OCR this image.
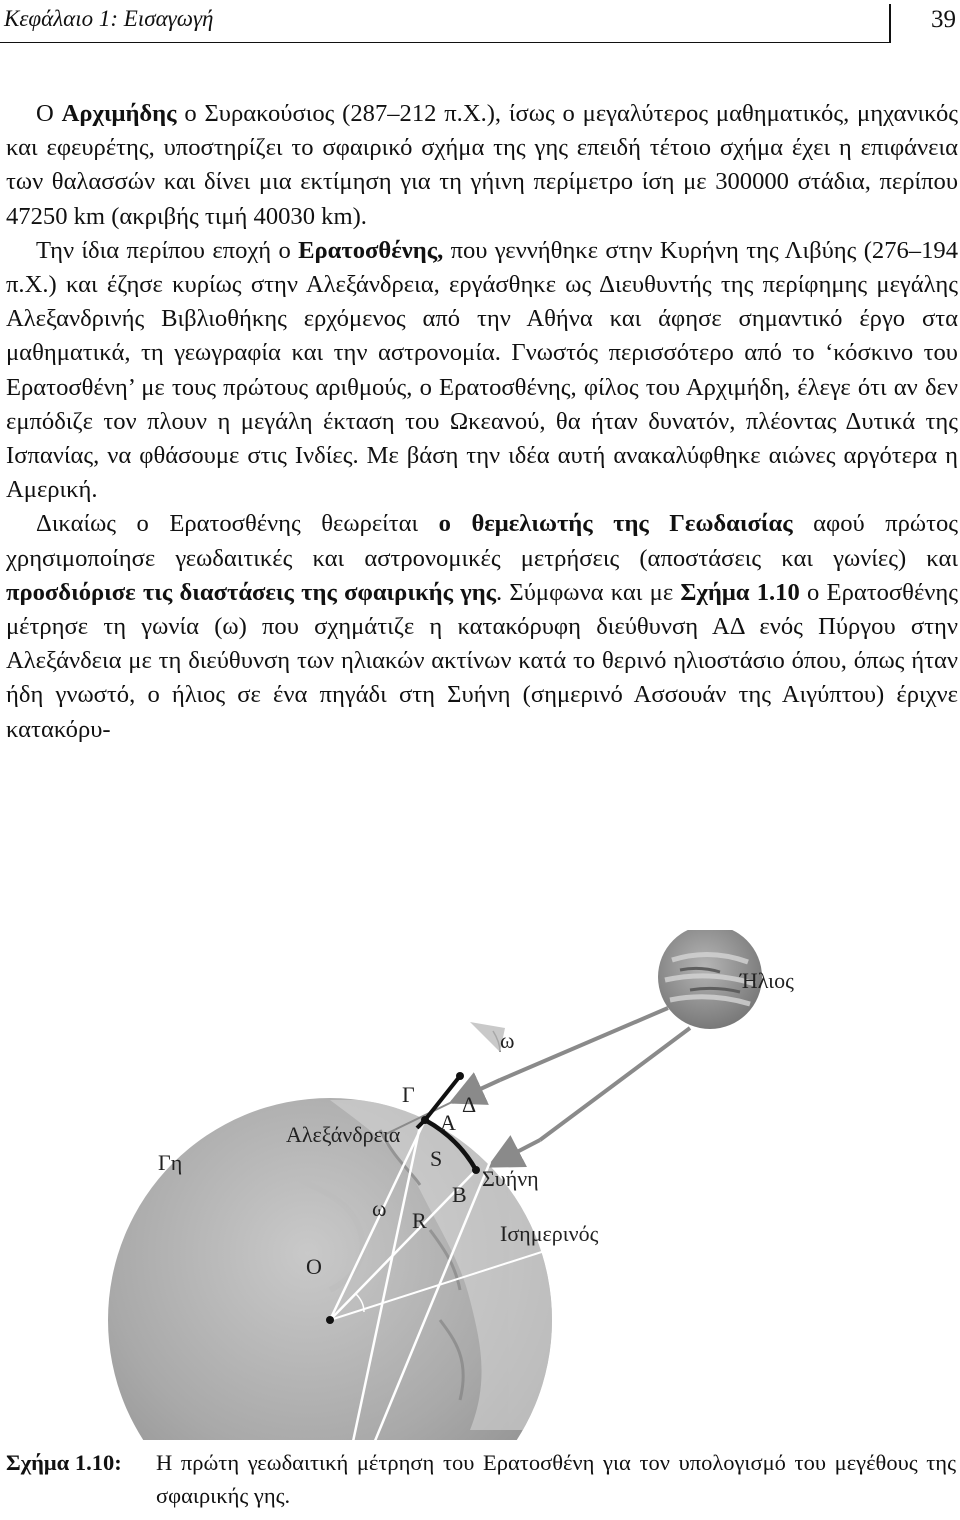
Κεφάλαιο 1: Εισαγωγή	39

Ο Αρχιμήδης ο Συρακούσιος (287–212 π.Χ.), ίσως ο μεγαλύτερος μαθηματικός, μηχανικός και εφευρέτης, υποστηρίζει το σφαιρικό σχήμα της γης επειδή τέτοιο σχήμα έχει η επιφάνεια των θαλασσών και δίνει μια εκτίμηση για τη γήινη περίμετρο ίση με 300000 στάδια, περίπου 47250 km (ακριβής τιμή 40030 km).

Την ίδια περίπου εποχή ο Ερατοσθένης, που γεννήθηκε στην Κυρήνη της Λιβύης (276–194 π.Χ.) και έζησε κυρίως στην Αλεξάνδρεια, εργάσθηκε ως Διευθυντής της περίφημης μεγάλης Αλεξανδρινής Βιβλιοθήκης ερχόμενος από την Αθήνα και άφησε σημαντικό έργο στα μαθηματικά, τη γεωγραφία και την αστρονομία. Γνωστός περισσότερο από το ‘κόσκινο του Ερατοσθένη’ με τους πρώτους αριθμούς, ο Ερατοσθένης, φίλος του Αρχιμήδη, έλεγε ότι αν δεν εμπόδιζε τον πλουν η μεγάλη έκταση του Ωκεανού, θα ήταν δυνατόν, πλέοντας Δυτικά της Ισπανίας, να φθάσουμε στις Ινδίες. Με βάση την ιδέα αυτή ανακαλύφθηκε αιώνες αργότερα η Αμερική.

Δικαίως ο Ερατοσθένης θεωρείται ο θεμελιωτής της Γεωδαισίας αφού πρώτος χρησιμοποίησε γεωδαιτικές και αστρονομικές μετρήσεις (αποστάσεις και γωνίες) και προσδιόρισε τις διαστάσεις της σφαιρικής γης. Σύμφωνα και με Σχήμα 1.10 ο Ερατοσθένης μέτρησε τη γωνία (ω) που σχημάτιζε η κατακόρυφη διεύθυνση ΑΔ ενός Πύργου στην Αλεξάνδεια με τη διεύθυνση των ηλιακών ακτίνων κατά το θερινό ηλιοστάσιο όπου, όπως ήταν ήδη γνωστό, ο ήλιος σε ένα πηγάδι στη Συήνη (σημερινό Ασσουάν της Αιγύπτου) έριχνε κατακόρυ-

Ήλιος
ω
Γ Δ
Α
Αλεξάνδρεια
Γη	S
Συήνη
Β
ω R
Ισημερινός
Ο
Σχήμα 1.10: Η πρώτη γεωδαιτική μέτρηση του Ερατοσθένη για τον υπολογισμό του μεγέθους της σφαιρικής γης.
